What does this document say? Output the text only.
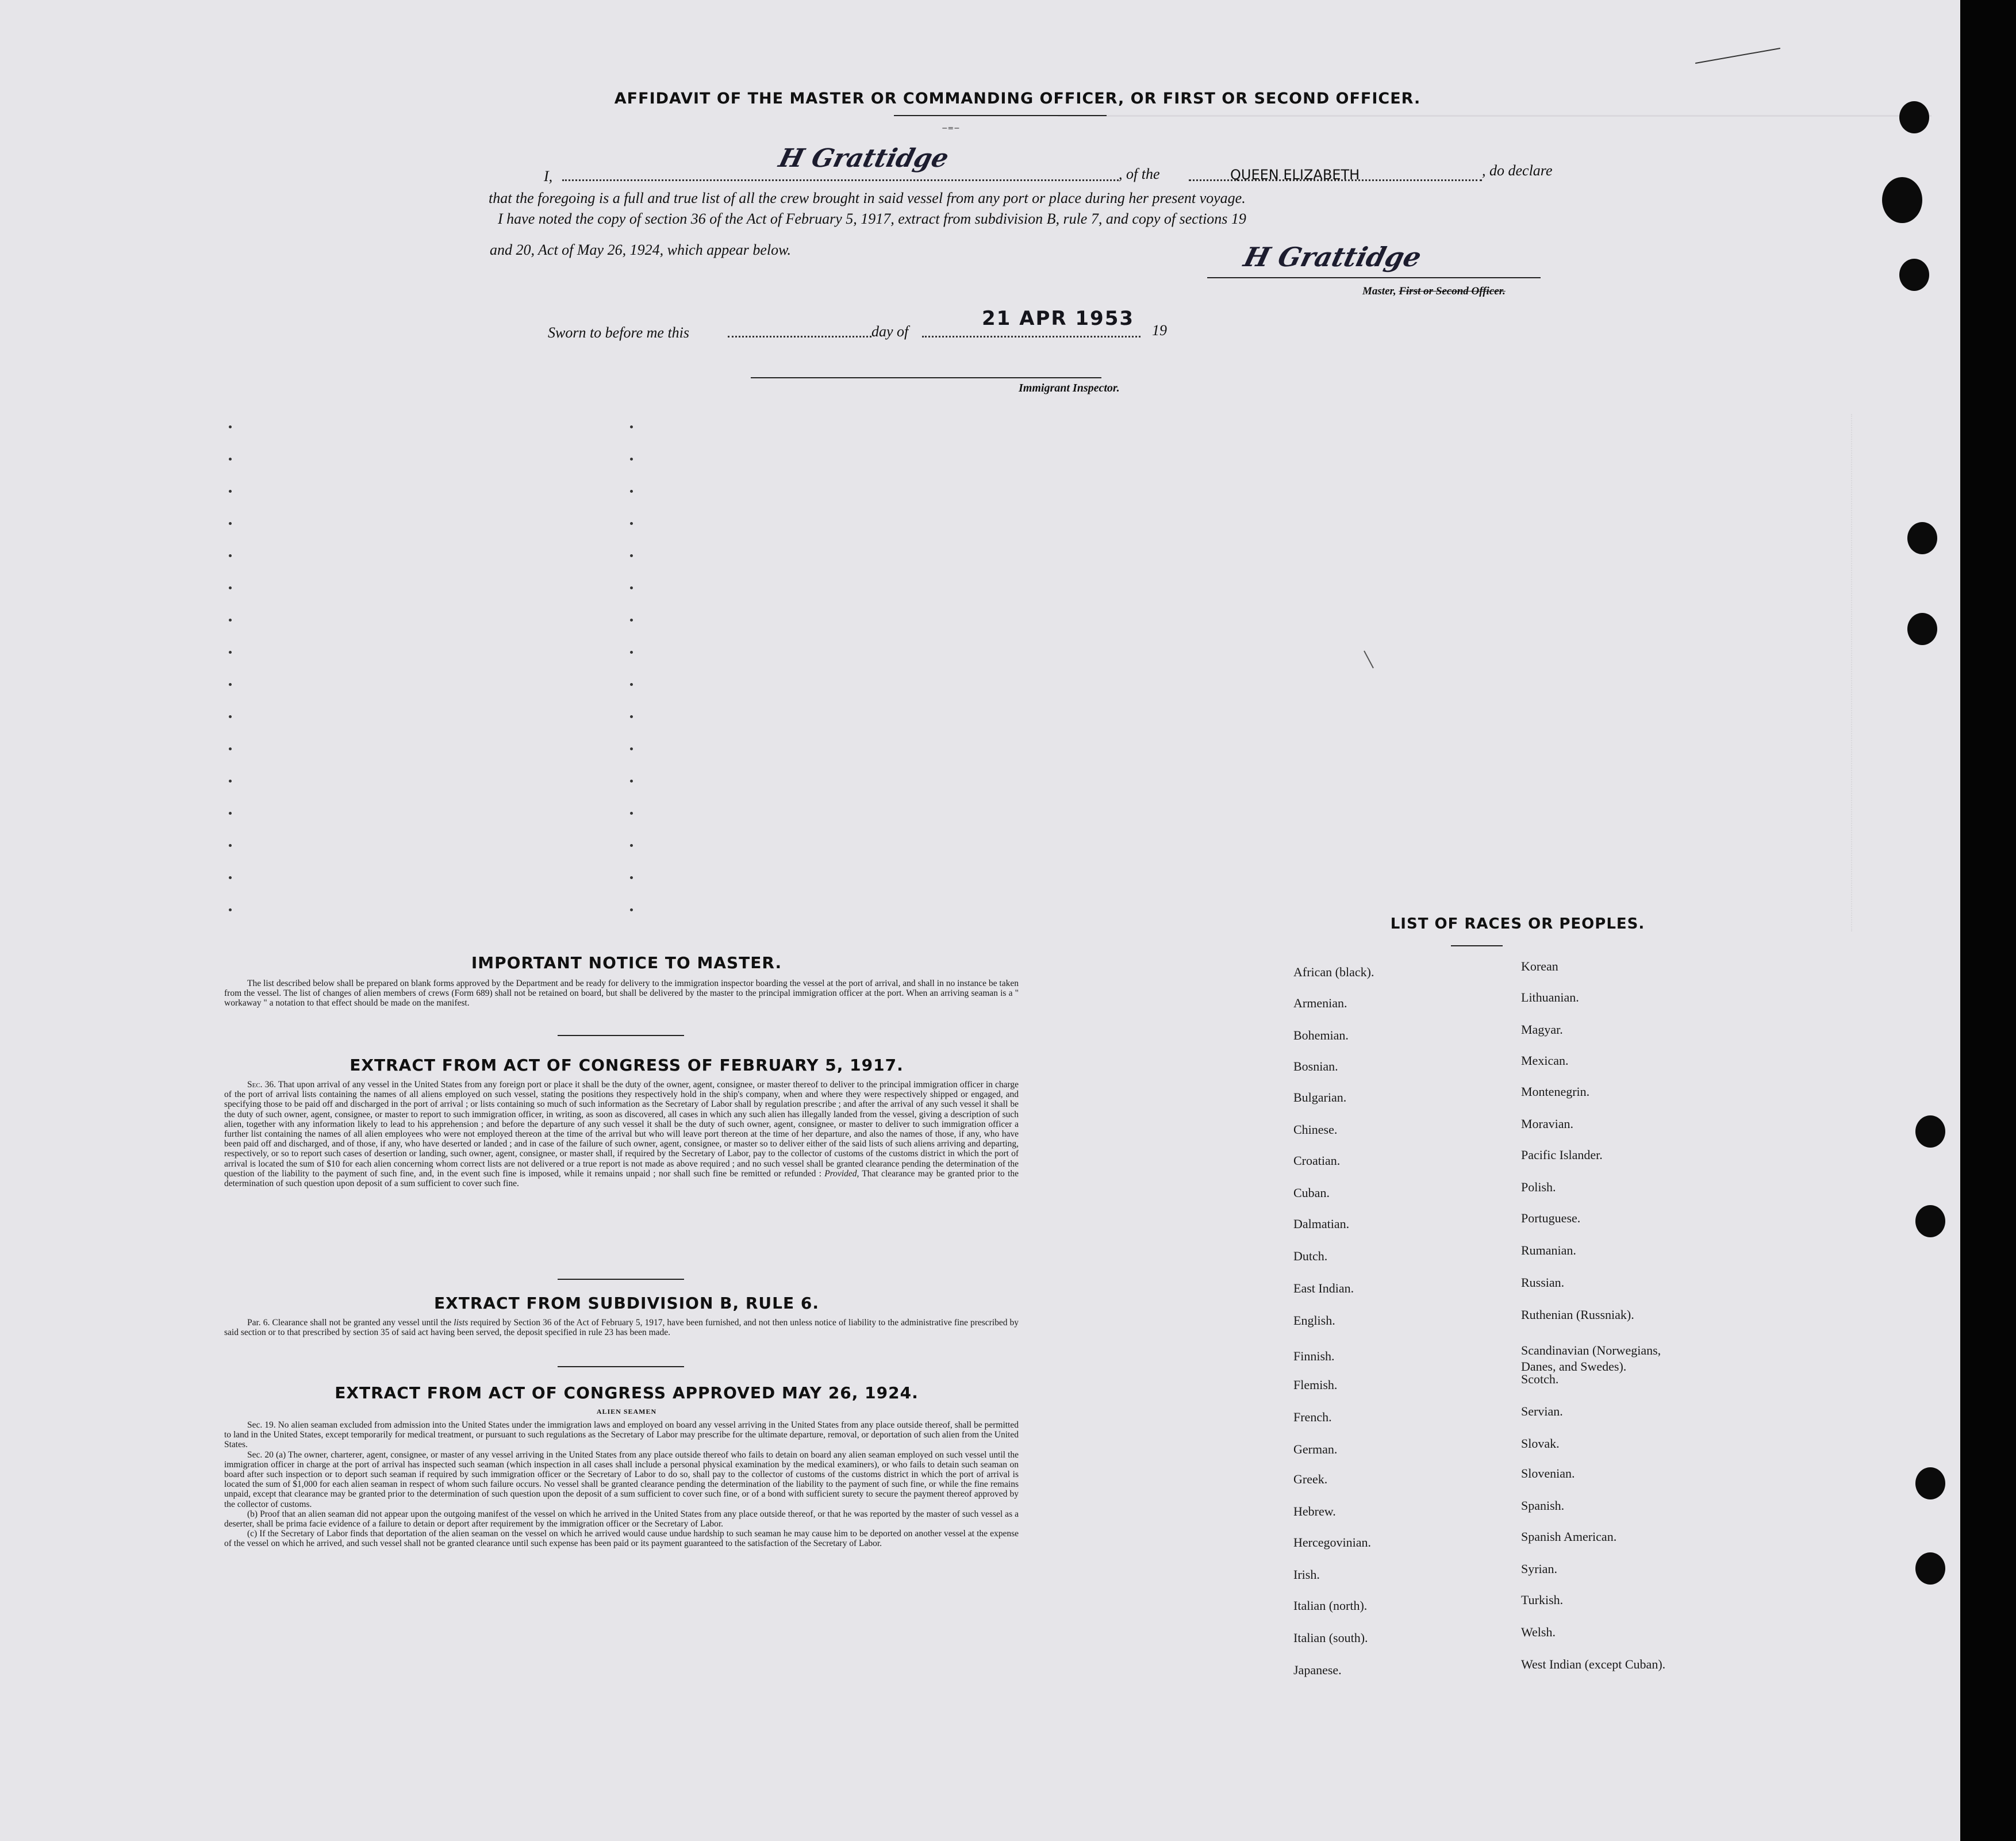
AFFIDAVIT OF THE MASTER OR COMMANDING OFFICER, OR FIRST OR SECOND OFFICER.
⁻⁼⁻
I,
H Grattidge
, of the	QUEEN ELIZABETH	, do declare
that the foregoing is a full and true list of all the crew brought in said vessel from any port or place during her present voyage.
I have noted the copy of section 36 of the Act of February 5, 1917, extract from subdivision B, rule 7, and copy of sections 19
and 20, Act of May 26, 1924, which appear below.	H Grattidge
Master, First or Second Officer.
Sworn to before me this	day of
21 APR 1953
19
Immigrant Inspector.
IMPORTANT NOTICE TO MASTER.

The list described below shall be prepared on blank forms approved by the Department and be ready for delivery to the immigration inspector boarding the vessel at the port of arrival, and shall in no instance be taken from the vessel. The list of changes of alien members of crews (Form 689) shall not be retained on board, but shall be delivered by the master to the principal immigration officer at the port. When an arriving seaman is a " workaway " a notation to that effect should be made on the manifest.

EXTRACT FROM ACT OF CONGRESS OF FEBRUARY 5, 1917.

Sec. 36. That upon arrival of any vessel in the United States from any foreign port or place it shall be the duty of the owner, agent, consignee, or master thereof to deliver to the principal immigration officer in charge of the port of arrival lists containing the names of all aliens employed on such vessel, stating the positions they respectively hold in the ship's company, when and where they were respectively shipped or engaged, and specifying those to be paid off and discharged in the port of arrival ; or lists containing so much of such information as the Secretary of Labor shall by regulation prescribe ; and after the arrival of any such vessel it shall be the duty of such owner, agent, consignee, or master to report to such immigration officer, in writing, as soon as discovered, all cases in which any such alien has illegally landed from the vessel, giving a description of such alien, together with any information likely to lead to his apprehension ; and before the departure of any such vessel it shall be the duty of such owner, agent, consignee, or master to deliver to such immigration officer a further list containing the names of all alien employees who were not employed thereon at the time of the arrival but who will leave port thereon at the time of her departure, and also the names of those, if any, who have been paid off and discharged, and of those, if any, who have deserted or landed ; and in case of the failure of such owner, agent, consignee, or master so to deliver either of the said lists of such aliens arriving and departing, respectively, or so to report such cases of desertion or landing, such owner, agent, consignee, or master shall, if required by the Secretary of Labor, pay to the collector of customs of the customs district in which the port of arrival is located the sum of $10 for each alien concerning whom correct lists are not delivered or a true report is not made as above required ; and no such vessel shall be granted clearance pending the determination of the question of the liability to the payment of such fine, and, in the event such fine is imposed, while it remains unpaid ; nor shall such fine be remitted or refunded : Provided, That clearance may be granted prior to the determination of such question upon deposit of a sum sufficient to cover such fine.

EXTRACT FROM SUBDIVISION B, RULE 6.

Par. 6. Clearance shall not be granted any vessel until the lists required by Section 36 of the Act of February 5, 1917, have been furnished, and not then unless notice of liability to the administrative fine prescribed by said section or to that prescribed by section 35 of said act having been served, the deposit specified in rule 23 has been made.

EXTRACT FROM ACT OF CONGRESS APPROVED MAY 26, 1924.
ALIEN SEAMEN

Sec. 19. No alien seaman excluded from admission into the United States under the immigration laws and employed on board any vessel arriving in the United States from any place outside thereof, shall be permitted to land in the United States, except temporarily for medical treatment, or pursuant to such regulations as the Secretary of Labor may prescribe for the ultimate departure, removal, or deportation of such alien from the United States.

Sec. 20 (a) The owner, charterer, agent, consignee, or master of any vessel arriving in the United States from any place outside thereof who fails to detain on board any alien seaman employed on such vessel until the immigration officer in charge at the port of arrival has inspected such seaman (which inspection in all cases shall include a personal physical examination by the medical examiners), or who fails to detain such seaman on board after such inspection or to deport such seaman if required by such immigration officer or the Secretary of Labor to do so, shall pay to the collector of customs of the customs district in which the port of arrival is located the sum of $1,000 for each alien seaman in respect of whom such failure occurs. No vessel shall be granted clearance pending the determination of the liability to the payment of such fine, or while the fine remains unpaid, except that clearance may be granted prior to the determination of such question upon the deposit of a sum sufficient to cover such fine, or of a bond with sufficient surety to secure the payment thereof approved by the collector of customs.

(b) Proof that an alien seaman did not appear upon the outgoing manifest of the vessel on which he arrived in the United States from any place outside thereof, or that he was reported by the master of such vessel as a deserter, shall be prima facie evidence of a failure to detain or deport after requirement by the immigration officer or the Secretary of Labor.

(c) If the Secretary of Labor finds that deportation of the alien seaman on the vessel on which he arrived would cause undue hardship to such seaman he may cause him to be deported on another vessel at the expense of the vessel on which he arrived, and such vessel shall not be granted clearance until such expense has been paid or its payment guaranteed to the satisfaction of the Secretary of Labor.

LIST OF RACES OR PEOPLES.
African (black).
Armenian.
Bohemian.
Bosnian.
Bulgarian.
Chinese.
Croatian.
Cuban.
Dalmatian.
Dutch.
East Indian.
English.
Finnish.
Flemish.
French.
German.
Greek.
Hebrew.
Hercegovinian.
Irish.
Italian (north).
Italian (south).
Japanese.
Korean
Lithuanian.
Magyar.
Mexican.
Montenegrin.
Moravian.
Pacific Islander.
Polish.
Portuguese.
Rumanian.
Russian.
Ruthenian (Russniak).
Scandinavian (Norwegians,
Scotch.
Servian.
Slovak.
Slovenian.
Spanish.
Spanish American.
Syrian.
Turkish.
Welsh.
West Indian (except Cuban).
Danes, and Swedes).
